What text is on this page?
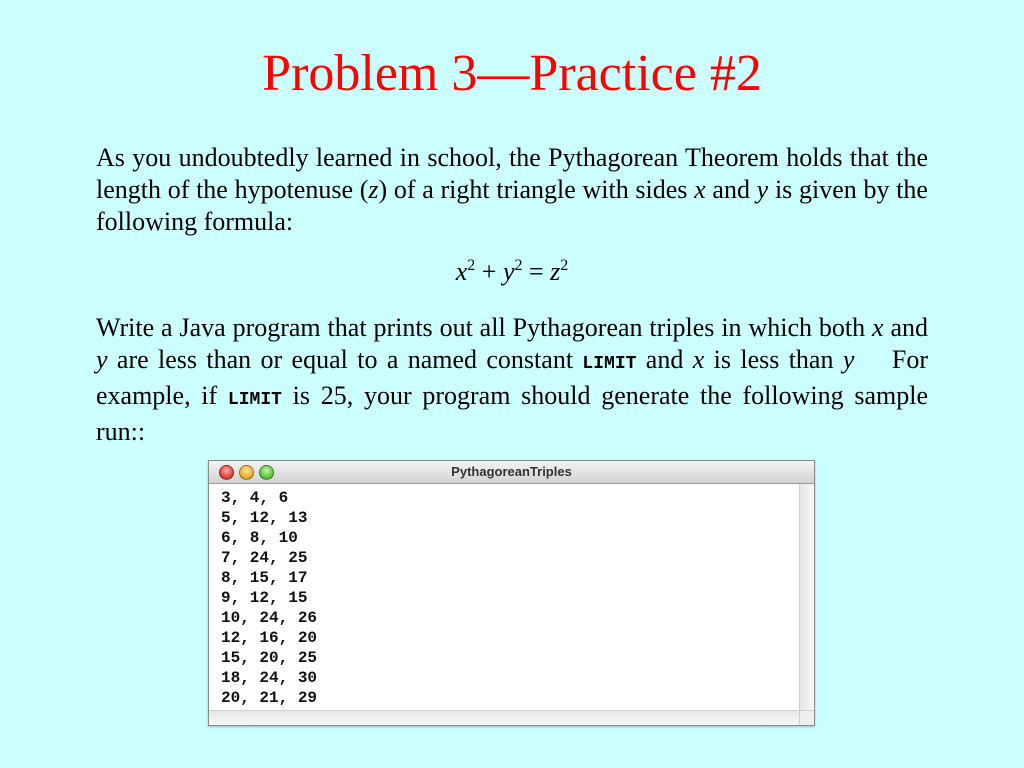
Problem 3—Practice #2
As you undoubtedly learned in school, the Pythagorean Theorem holds that the length of the hypotenuse (z) of a right triangle with sides x and y is given by the following formula:
$x^2 + y^2 = z^2$
Write a Java program that prints out all Pythagorean triples in which both x and y are less than or equal to a named constant LIMIT and x is less than y    For example, if LIMIT is 25, your program should generate the following sample run::
PythagoreanTriples
3, 4, 6
5, 12, 13
6, 8, 10
7, 24, 25
8, 15, 17
9, 12, 15
10, 24, 26
12, 16, 20
15, 20, 25
18, 24, 30
20, 21, 29
